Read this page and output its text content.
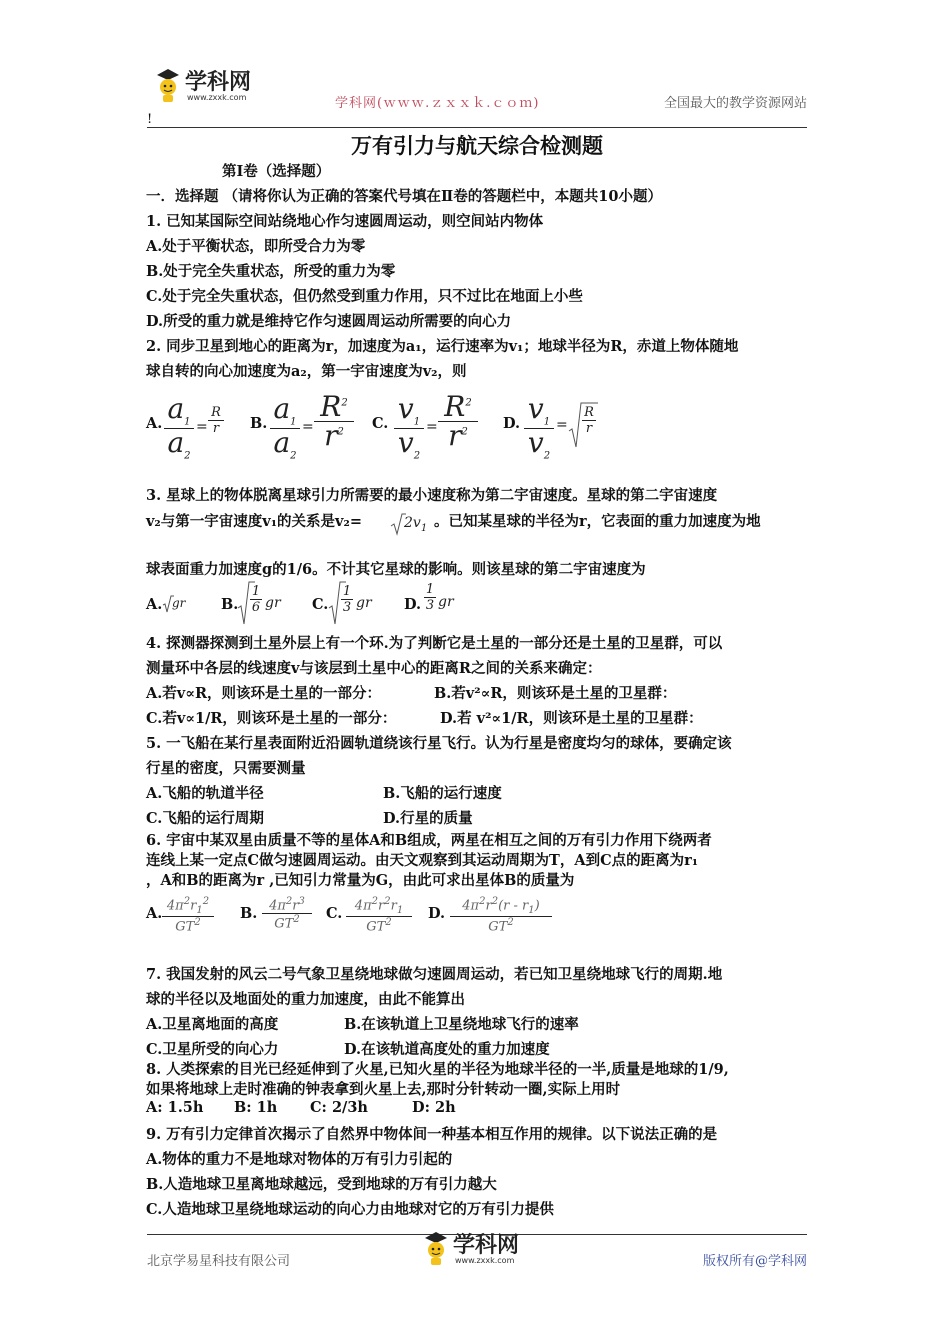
学科网
www.zxxk.com	学科网(ｗｗｗ.ｚｘｘｋ.ｃｏｍ)	全国最大的教学资源网站
!
万有引力与航天综合检测题
第Ⅰ卷（选择题）
一．选择题 （请将你认为正确的答案代号填在Ⅱ卷的答题栏中，本题共10小题）
1. 已知某国际空间站绕地心作匀速圆周运动，则空间站内物体
A.处于平衡状态，即所受合力为零
B.处于完全失重状态，所受的重力为零
C.处于完全失重状态，但仍然受到重力作用，只不过比在地面上小些
D.所受的重力就是维持它作匀速圆周运动所需要的向心力
2. 同步卫星到地心的距离为r，加速度为a₁，运行速率为v₁；地球半径为R，赤道上物体随地
球自转的向心加速度为a₂，第一宇宙速度为v₂，则
A. $a_1$
$a_2$
=
R
r B. $a_1$
$a_2$
=
$R^2$
$r^2$
C. $v_1$
$v_2$
=
$R^2$
$r^2$
D. $v_1$
$v_2$
=
R
r
3. 星球上的物体脱离星球引力所需要的最小速度称为第二宇宙速度。星球的第二宇宙速度
v₂与第一宇宙速度v₁的关系是v₂=	$2v_1$ 。已知某星球的半径为r，它表面的重力加速度为地
球表面重力加速度g的1/6。不计其它星球的影响。则该星球的第二宇宙速度为
A. gr B.
1
6 gr C.
1
3 gr D.
1
3 gr
4. 探测器探测到土星外层上有一个环.为了判断它是土星的一部分还是土星的卫星群，可以
测量环中各层的线速度v与该层到土星中心的距离R之间的关系来确定：
A.若v∝R，则该环是土星的一部分：	B.若v²∝R，则该环是土星的卫星群：
C.若v∝1/R，则该环是土星的一部分：	D.若 v²∝1/R，则该环是土星的卫星群：
5. 一飞船在某行星表面附近沿圆轨道绕该行星飞行。认为行星是密度均匀的球体，要确定该
行星的密度，只需要测量
A.飞船的轨道半径	B.飞船的运行速度
C.飞船的运行周期	D.行星的质量
6. 宇宙中某双星由质量不等的星体A和B组成，两星在相互之间的万有引力作用下绕两者
连线上某一定点C做匀速圆周运动。由天文观察到其运动周期为T，A到C点的距离为r₁
，A和B的距离为r ,已知引力常量为G，由此可求出星体B的质量为
A. $4\pi^2r_1^2$
$GT^2$
B. $4\pi^2r^3$
$GT^2$ C. $4\pi^2r^2r_1$
$GT^2$
D. $4\pi^2r^2(r - r_1)$
$GT^2$
7. 我国发射的风云二号气象卫星绕地球做匀速圆周运动，若已知卫星绕地球飞行的周期.地
球的半径以及地面处的重力加速度，由此不能算出
A.卫星离地面的高度	B.在该轨道上卫星绕地球飞行的速率
C.卫星所受的向心力	D.在该轨道高度处的重力加速度
8. 人类探索的目光已经延伸到了火星,已知火星的半径为地球半径的一半,质量是地球的1/9,
如果将地球上走时准确的钟表拿到火星上去,那时分针转动一圈,实际上用时
A: 1.5h B: 1h C: 2/3h	D: 2h
9. 万有引力定律首次揭示了自然界中物体间一种基本相互作用的规律。以下说法正确的是
A.物体的重力不是地球对物体的万有引力引起的
B.人造地球卫星离地球越远，受到地球的万有引力越大
C.人造地球卫星绕地球运动的向心力由地球对它的万有引力提供
北京学易星科技有限公司
学科网
www.zxxk.com	版权所有@学科网
